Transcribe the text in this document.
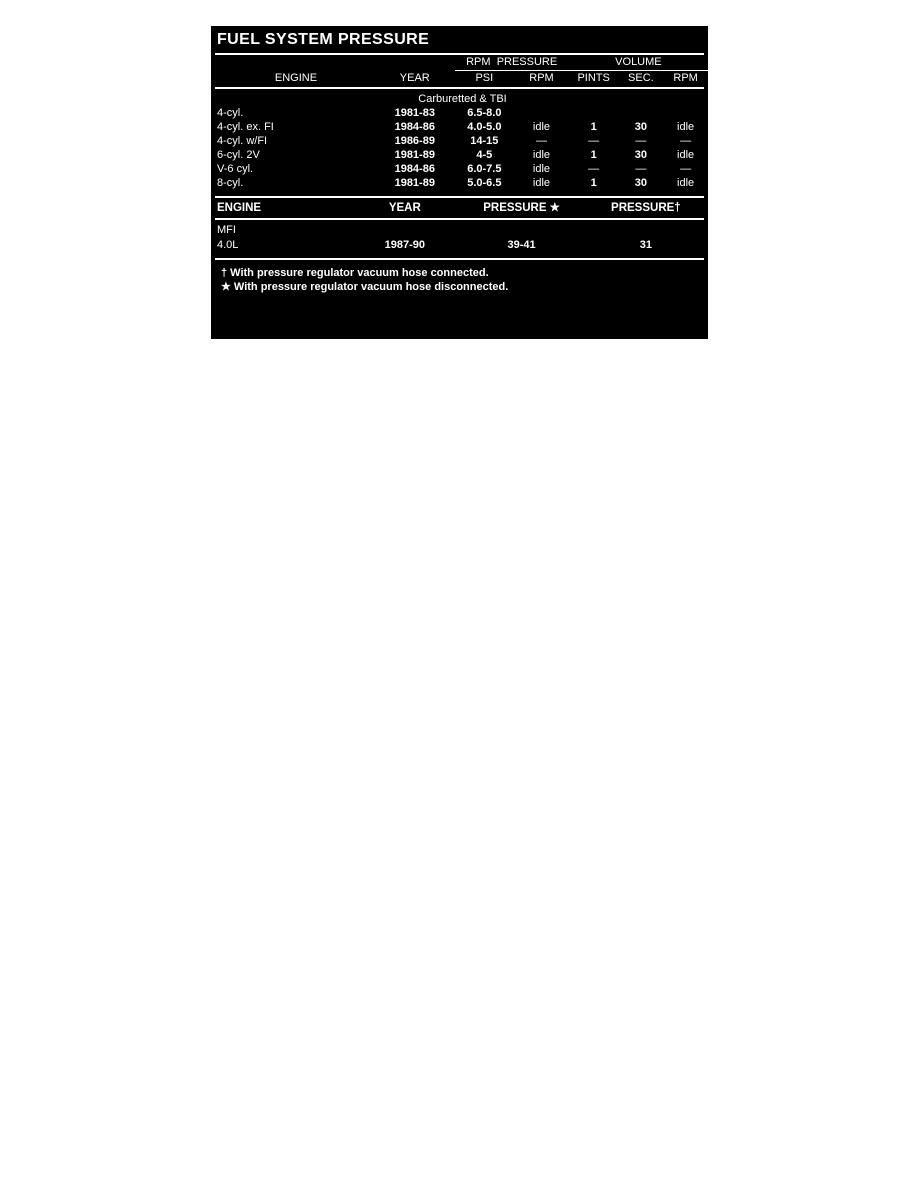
FUEL SYSTEM PRESSURE
		RPM PRESSURE		VOLUME		

ENGINE	YEAR	PSI	RPM	PINTS	SEC.	RPM

Carburetted & TBI						
4-cyl.	1981-83	6.5-8.0				
4-cyl. ex. FI	1984-86	4.0-5.0	idle	1	30	idle
4-cyl. w/FI	1986-89	14-15	—	—	—	—
6-cyl. 2V	1981-89	4-5	idle	1	30	idle
V-6 cyl.	1984-86	6.0-7.5	idle	—	—	—
8-cyl.	1981-89	5.0-6.5	idle	1	30	idle

ENGINE	YEAR	PRESSURE ★	PRESSURE†

MFI			
4.0L	1987-90	39-41	31

† With pressure regulator vacuum hose connected.
★ With pressure regulator vacuum hose disconnected.
